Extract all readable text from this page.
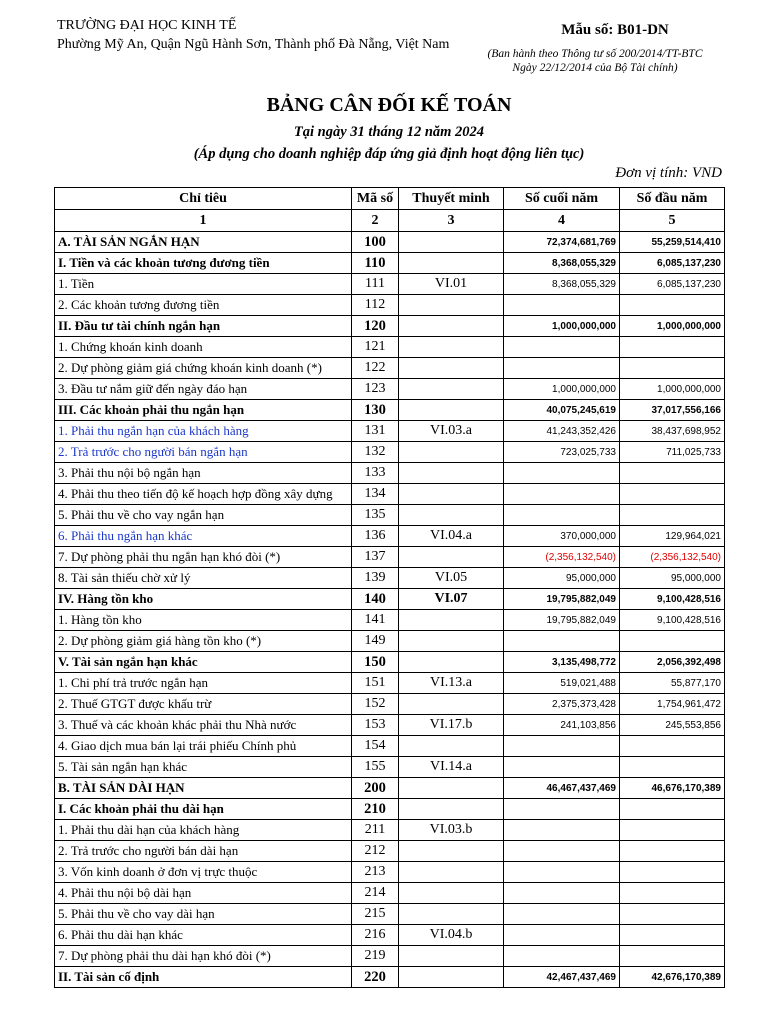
TRƯỜNG ĐẠI HỌC KINH TẾ
Phường Mỹ An, Quận Ngũ Hành Sơn, Thành phố Đà Nẵng, Việt Nam
Mẫu số: B01-DN
(Ban hành theo Thông tư số 200/2014/TT-BTC
Ngày 22/12/2014 của Bộ Tài chính)
BẢNG CÂN ĐỐI KẾ TOÁN
Tại ngày 31 tháng 12 năm 2024
(Áp dụng cho doanh nghiệp đáp ứng giả định hoạt động liên tục)
Đơn vị tính: VND
Chỉ tiêu	Mã số	Thuyết minh	Số cuối năm	Số đầu năm
1	2	3	4	5
A. TÀI SẢN NGẮN HẠN	100		72,374,681,769	55,259,514,410
I. Tiền và các khoản tương đương tiền	110		8,368,055,329	6,085,137,230
1. Tiền	111	VI.01	8,368,055,329	6,085,137,230
2. Các khoản tương đương tiền	112			
II. Đầu tư tài chính ngắn hạn	120		1,000,000,000	1,000,000,000
1. Chứng khoán kinh doanh	121			
2. Dự phòng giảm giá chứng khoán kinh doanh (*)	122			
3. Đầu tư nắm giữ đến ngày đáo hạn	123		1,000,000,000	1,000,000,000
III. Các khoản phải thu ngắn hạn	130		40,075,245,619	37,017,556,166
1. Phải thu ngắn hạn của khách hàng	131	VI.03.a	41,243,352,426	38,437,698,952
2. Trả trước cho người bán ngắn hạn	132		723,025,733	711,025,733
3. Phải thu nội bộ ngắn hạn	133			
4. Phải thu theo tiến độ kế hoạch hợp đồng xây dựng	134			
5. Phải thu về cho vay ngắn hạn	135			
6. Phải thu ngắn hạn khác	136	VI.04.a	370,000,000	129,964,021
7. Dự phòng phải thu ngắn hạn khó đòi (*)	137		(2,356,132,540)	(2,356,132,540)
8. Tài sản thiếu chờ xử lý	139	VI.05	95,000,000	95,000,000
IV. Hàng tồn kho	140	VI.07	19,795,882,049	9,100,428,516
1. Hàng tồn kho	141		19,795,882,049	9,100,428,516
2. Dự phòng giảm giá hàng tồn kho (*)	149			
V. Tài sản ngắn hạn khác	150		3,135,498,772	2,056,392,498
1. Chi phí trả trước ngắn hạn	151	VI.13.a	519,021,488	55,877,170
2. Thuế GTGT được khấu trừ	152		2,375,373,428	1,754,961,472
3. Thuế và các khoản khác phải thu Nhà nước	153	VI.17.b	241,103,856	245,553,856
4. Giao dịch mua bán lại trái phiếu Chính phủ	154			
5. Tài sản ngắn hạn khác	155	VI.14.a		
B. TÀI SẢN DÀI HẠN	200		46,467,437,469	46,676,170,389
I. Các khoản phải thu dài hạn	210			
1. Phải thu dài hạn của khách hàng	211	VI.03.b		
2. Trả trước cho người bán dài hạn	212			
3. Vốn kinh doanh ở đơn vị trực thuộc	213			
4. Phải thu nội bộ dài hạn	214			
5. Phải thu về cho vay dài hạn	215			
6. Phải thu dài hạn khác	216	VI.04.b		
7. Dự phòng phải thu dài hạn khó đòi (*)	219			
II. Tài sản cố định	220		42,467,437,469	42,676,170,389
